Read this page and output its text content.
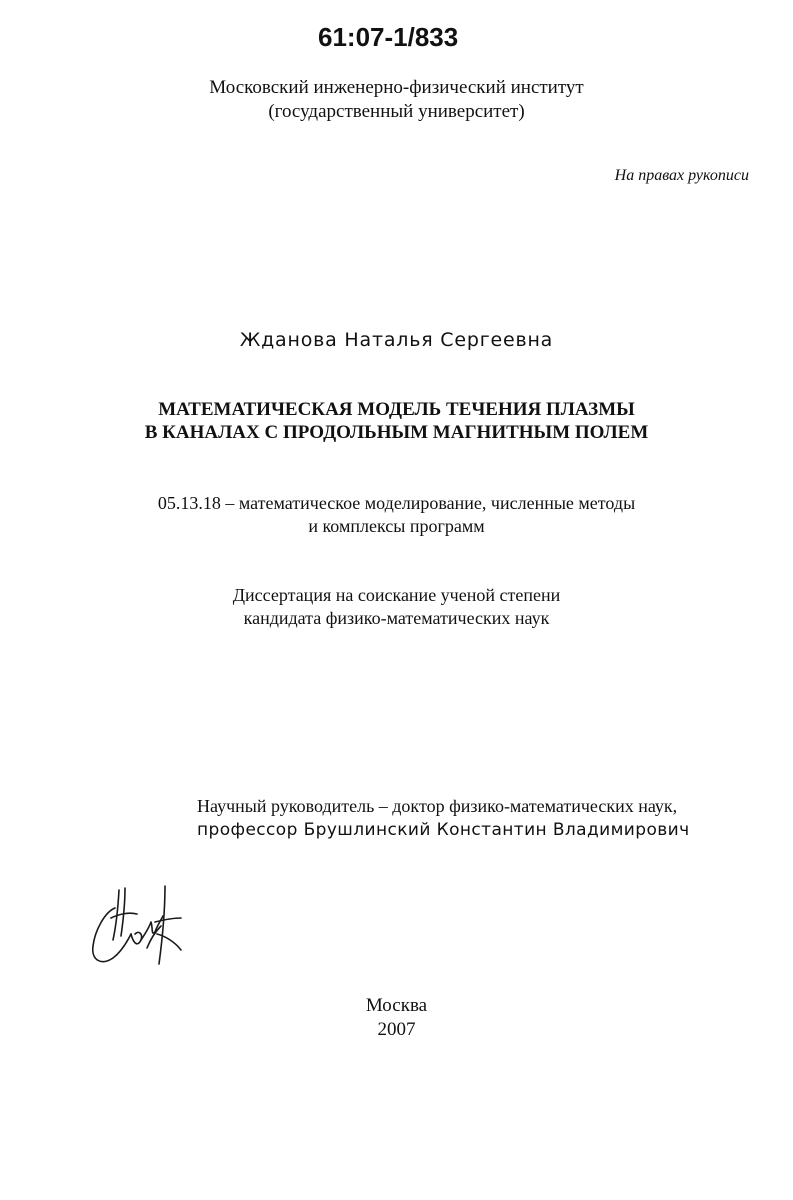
61:07-1/833
Московский инженерно-физический институт
(государственный университет)
На правах рукописи
Жданова Наталья Сергеевна
МАТЕМАТИЧЕСКАЯ МОДЕЛЬ ТЕЧЕНИЯ ПЛАЗМЫ
В КАНАЛАХ С ПРОДОЛЬНЫМ МАГНИТНЫМ ПОЛЕМ
05.13.18 – математическое моделирование, численные методы
и комплексы программ
Диссертация на соискание ученой степени
кандидата физико-математических наук
Научный руководитель – доктор физико-математических наук,
профессор Брушлинский Константин Владимирович
Москва
2007
